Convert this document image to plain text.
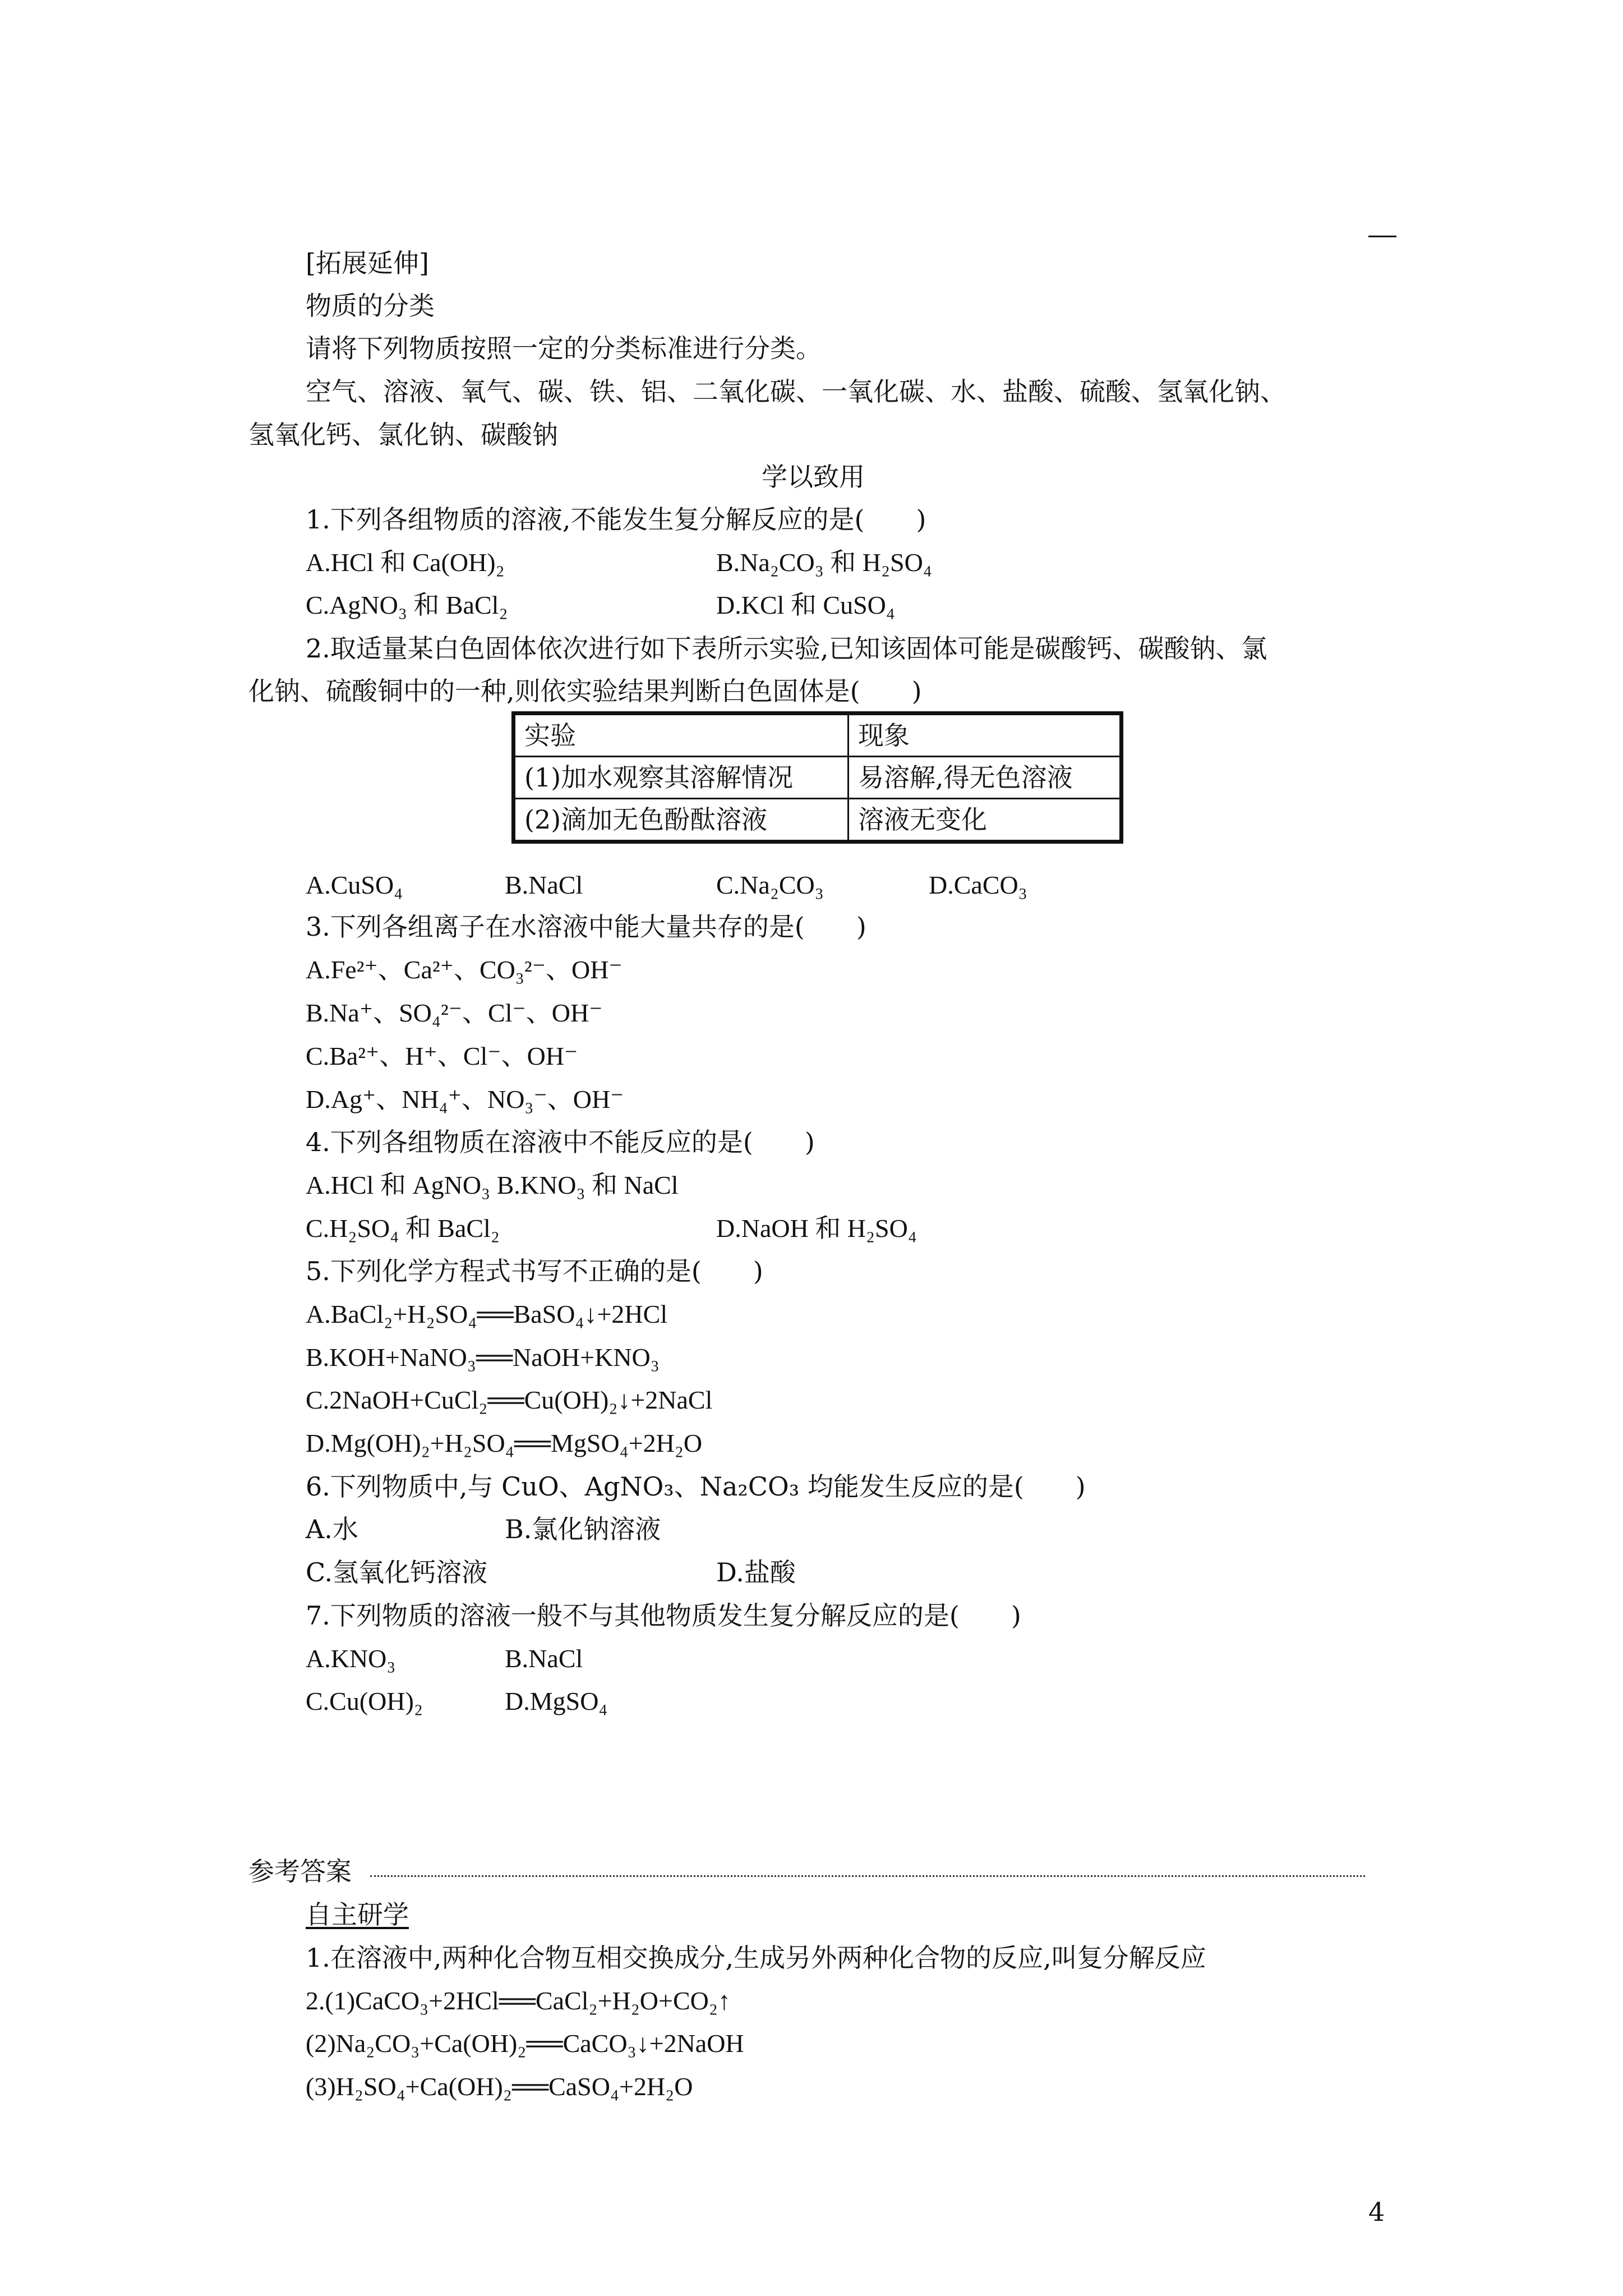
[拓展延伸]
物质的分类
请将下列物质按照一定的分类标准进行分类。
空气、溶液、氧气、碳、铁、铝、二氧化碳、一氧化碳、水、盐酸、硫酸、氢氧化钠、
氢氧化钙、氯化钠、碳酸钠
学以致用
1.下列各组物质的溶液,不能发生复分解反应的是(　　)
A.HCl 和 Ca(OH)₂	B.Na₂CO₃ 和 H₂SO₄
C.AgNO₃ 和 BaCl₂	D.KCl 和 CuSO₄
2.取适量某白色固体依次进行如下表所示实验,已知该固体可能是碳酸钙、碳酸钠、氯
化钠、硫酸铜中的一种,则依实验结果判断白色固体是(　　)
实验	现象
(1)加水观察其溶解情况	易溶解,得无色溶液
(2)滴加无色酚酞溶液	溶液无变化
A.CuSO₄	B.NaCl	C.Na₂CO₃	D.CaCO₃
3.下列各组离子在水溶液中能大量共存的是(　　)
A.Fe²⁺、Ca²⁺、CO₃²⁻、OH⁻
B.Na⁺、SO₄²⁻、Cl⁻、OH⁻
C.Ba²⁺、H⁺、Cl⁻、OH⁻
D.Ag⁺、NH₄⁺、NO₃⁻、OH⁻
4.下列各组物质在溶液中不能反应的是(　　)
A.HCl 和 AgNO₃ B.KNO₃ 和 NaCl
C.H₂SO₄ 和 BaCl₂	D.NaOH 和 H₂SO₄
5.下列化学方程式书写不正确的是(　　)
A.BaCl₂+H₂SO₄══BaSO₄↓+2HCl
B.KOH+NaNO₃══NaOH+KNO₃
C.2NaOH+CuCl₂══Cu(OH)₂↓+2NaCl
D.Mg(OH)₂+H₂SO₄══MgSO₄+2H₂O
6.下列物质中,与 CuO、AgNO₃、Na₂CO₃ 均能发生反应的是(　　)
A.水	B.氯化钠溶液
C.氢氧化钙溶液	D.盐酸
7.下列物质的溶液一般不与其他物质发生复分解反应的是(　　)
A.KNO₃	B.NaCl
C.Cu(OH)₂	D.MgSO₄
参考答案
自主研学
1.在溶液中,两种化合物互相交换成分,生成另外两种化合物的反应,叫复分解反应
2.(1)CaCO₃+2HCl══CaCl₂+H₂O+CO₂↑
(2)Na₂CO₃+Ca(OH)₂══CaCO₃↓+2NaOH
(3)H₂SO₄+Ca(OH)₂══CaSO₄+2H₂O
4
